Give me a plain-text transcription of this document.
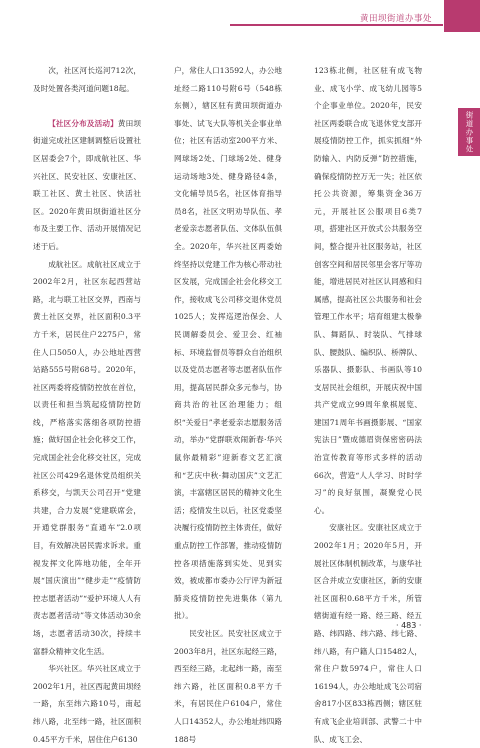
黄田坝街道办事处
街道办事处

次，社区河长巡河712次，及时处置各类河道问题18起。

【社区分布及活动】黄田坝街道完成社区建制调整后设置社区居委会7个，即成航社区、华兴社区、民安社区、安康社区、联工社区、黄土社区、快活社区。2020年黄田坝街道社区分布及主要工作、活动开展情况记述于后。

成航社区。成航社区成立于2002年2月，社区东起西营站路，北与联工社区交界，西南与黄土社区交界，社区面积0.3平方千米，居民住户2275户，常住人口5050人，办公地址西营站路555号附68号。2020年，社区两委将疫情防控放在首位，以责任和担当筑起疫情防控防线，严格落实落细各项防控措施；做好国企社会化移交工作，完成国企社会化移交社区，完成社区公司429名退休党员组织关系移交，与凯天公司召开“党建共建，合力发展”党建联席会，开通党群服务“直通车”2.0项目，有效解决居民需求诉求。重视发挥文化阵地功能，全年开展“国庆演出”“健步走”“疫情防控志愿者活动”“爱护环境人人有责志愿者活动”等文体活动30余场，志愿者活动30次，持续丰富群众精神文化生活。

华兴社区。华兴社区成立于2002年1月，社区西起黄田坝经一路，东至纬六路10号，南起纬八路，北至纬一路，社区面积0.45平方千米，居住住户6130

户，常住人口13592人，办公地址经二路110号附6号（548栋东侧），辖区驻有黄田坝街道办事处、试飞大队等机关企事业单位；社区有活动室200平方米、网球场2处、门球场2处、健身运动场地3处、健身路径4条，文化辅导员5名，社区体育指导员8名，社区文明劝导队伍、孝老爱亲志愿者队伍、文体队伍俱全。2020年，华兴社区两委始终坚持以党建工作为核心带动社区发展，完成国企社会化移交工作，接收成飞公司移交退休党员1025人；发挥巡逻治保会、人民调解委员会、爱卫会、红袖标、环境监督员等群众自治组织以及党员志愿者等志愿者队伍作用，提高居民群众多元参与，协商共治的社区治理能力；组织“关爱日”孝老爱亲志愿服务活动，举办“党群联欢闹新春·华兴鼠你最精彩”迎新春文艺汇演和“艺庆中秋·舞动国庆”文艺汇演，丰富辖区居民的精神文化生活；疫情发生以后，社区党委坚决履行疫情防控主体责任，做好重点防控工作部署，推动疫情防控各项措施落到实处、见到实效，被成都市委办公厅评为新冠肺炎疫情防控先进集体（第九批）。

民安社区。民安社区成立于2003年8月，社区东起经三路，西至经三路，北起纬一路，南至纬六路，社区面积0.8平方千米，有居民住户6104户，常住人口14352人，办公地址纬四路188号

123栋北侧，社区驻有成飞物业、成飞小学、成飞幼儿园等5个企事业单位。2020年，民安社区两委联合成飞退休党支部开展疫情防控工作，抓实抓细“外防输入、内防反弹”防控措施，确保疫情防控万无一失；社区依托公共资源，筹集资金36万元，开展社区公服项目6类7项，搭建社区开放式公共服务空间，整合提升社区服务站，社区创客空间和居民邻里会客厅等功能，增进居民对社区认同感和归属感，提高社区公共服务和社会管理工作水平；培育组建太极拳队、舞蹈队、时装队、气排球队、腰鼓队、编织队、桥牌队、乐器队、摄影队、书画队等10支居民社会组织，开展庆祝中国共产党成立99周年象棋展览、建国71周年书画摄影展、“国家宪法日”暨成德眉资保密密码法治宣传教育等形式多样的活动66次，营造“人人学习、时时学习”的良好氛围，凝聚党心民心。

安康社区。安康社区成立于2002年1月；2020年5月，开展社区体制机制改革，与康华社区合并成立安康社区，新的安康社区面积0.68平方千米，所管辖街道有经一路、经三路、经五路、纬四路、纬六路、纬七路、纬八路，有户籍人口15482人，常住户数5974户，常住人口16194人，办公地址成飞公司宿舍817小区833栋西侧；辖区驻有成飞企业培训部、武警二十中队、成飞工会、

· 483 ·
